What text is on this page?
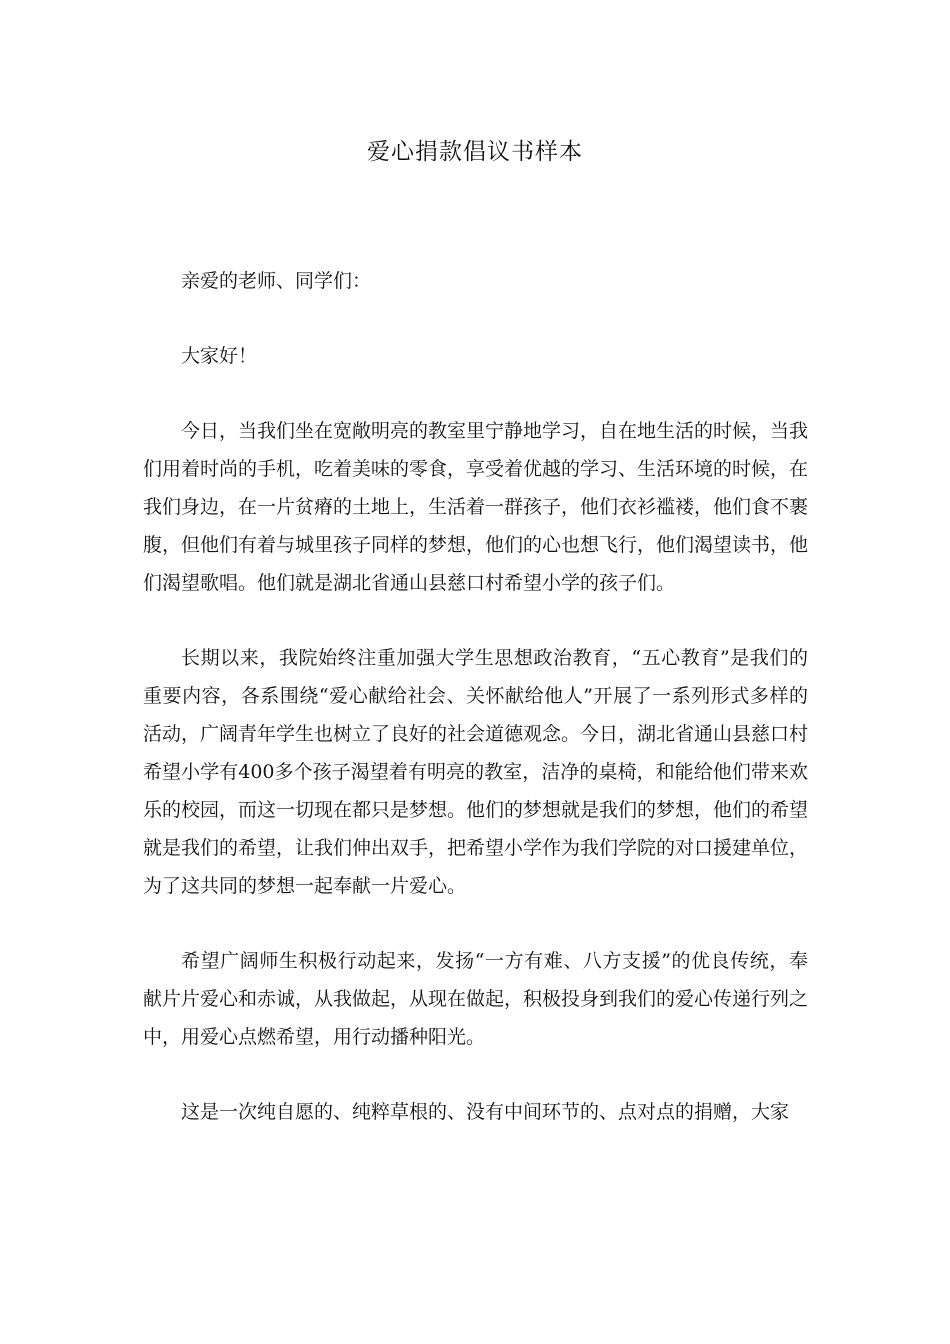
爱心捐款倡议书样本

亲爱的老师、同学们：

大家好！

今日，当我们坐在宽敞明亮的教室里宁静地学习，自在地生活的时候，当我们用着时尚的手机，吃着美味的零食，享受着优越的学习、生活环境的时候，在我们身边，在一片贫瘠的土地上，生活着一群孩子，他们衣衫褴褛，他们食不裹腹，但他们有着与城里孩子同样的梦想，他们的心也想飞行，他们渴望读书，他们渴望歌唱。他们就是湖北省通山县慈口村希望小学的孩子们。

长期以来，我院始终注重加强大学生思想政治教育，“五心教育”是我们的重要内容，各系围绕“爱心献给社会、关怀献给他人”开展了一系列形式多样的活动，广阔青年学生也树立了良好的社会道德观念。今日，湖北省通山县慈口村希望小学有400多个孩子渴望着有明亮的教室，洁净的桌椅，和能给他们带来欢乐的校园，而这一切现在都只是梦想。他们的梦想就是我们的梦想，他们的希望就是我们的希望，让我们伸出双手，把希望小学作为我们学院的对口援建单位，为了这共同的梦想一起奉献一片爱心。

希望广阔师生积极行动起来，发扬“一方有难、八方支援”的优良传统，奉献片片爱心和赤诚，从我做起，从现在做起，积极投身到我们的爱心传递行列之中，用爱心点燃希望，用行动播种阳光。

这是一次纯自愿的、纯粹草根的、没有中间环节的、点对点的捐赠，大家
